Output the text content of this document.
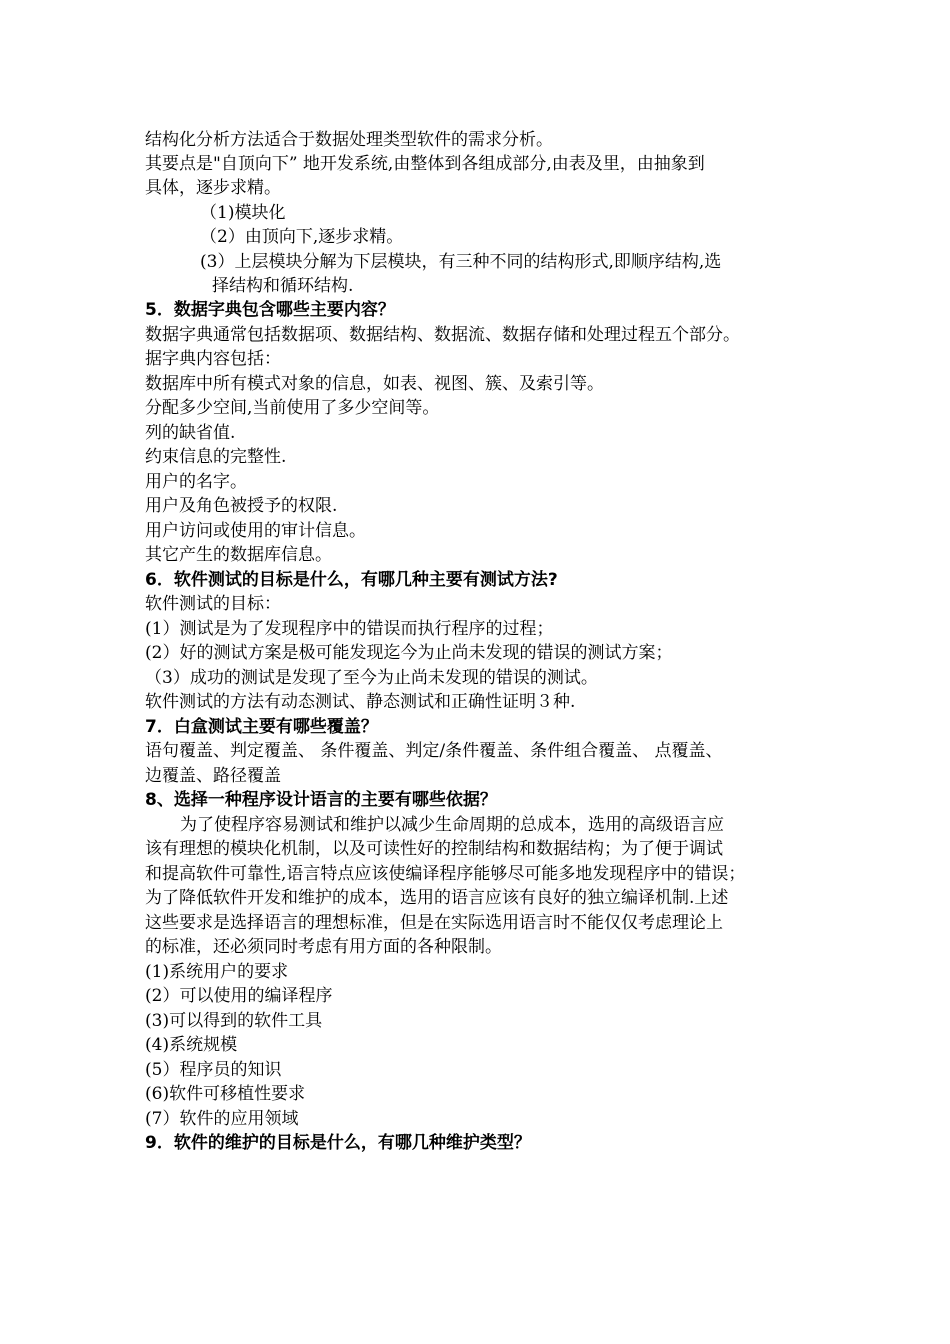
结构化分析方法适合于数据处理类型软件的需求分析。
其要点是"自顶向下” 地开发系统,由整体到各组成部分,由表及里，由抽象到
具体，逐步求精。
（1)模块化
（2）由顶向下,逐步求精。
(3）上层模块分解为下层模块，有三种不同的结构形式,即顺序结构,选
择结构和循环结构.
5．数据字典包含哪些主要内容？
数据字典通常包括数据项、数据结构、数据流、数据存储和处理过程五个部分。
据字典内容包括：
数据库中所有模式对象的信息，如表、视图、簇、及索引等。
分配多少空间,当前使用了多少空间等。
列的缺省值.
约束信息的完整性.
用户的名字。
用户及角色被授予的权限.
用户访问或使用的审计信息。
其它产生的数据库信息。
6．软件测试的目标是什么，有哪几种主要有测试方法?
软件测试的目标：
(1）测试是为了发现程序中的错误而执行程序的过程；
(2）好的测试方案是极可能发现迄今为止尚未发现的错误的测试方案；
（3）成功的测试是发现了至今为止尚未发现的错误的测试。
软件测试的方法有动态测试、静态测试和正确性证明３种.
7．白盒测试主要有哪些覆盖？
语句覆盖、判定覆盖、 条件覆盖、判定/条件覆盖、条件组合覆盖、 点覆盖、
边覆盖、路径覆盖
8、选择一种程序设计语言的主要有哪些依据？
为了使程序容易测试和维护以减少生命周期的总成本，选用的高级语言应
该有理想的模块化机制，以及可读性好的控制结构和数据结构；为了便于调试
和提高软件可靠性,语言特点应该使编译程序能够尽可能多地发现程序中的错误；
为了降低软件开发和维护的成本，选用的语言应该有良好的独立编译机制.上述
这些要求是选择语言的理想标准，但是在实际选用语言时不能仅仅考虑理论上
的标准，还必须同时考虑有用方面的各种限制。
(1)系统用户的要求
(2）可以使用的编译程序
(3)可以得到的软件工具
(4)系统规模
(5）程序员的知识
(6)软件可移植性要求
(7）软件的应用领域
9．软件的维护的目标是什么，有哪几种维护类型？
